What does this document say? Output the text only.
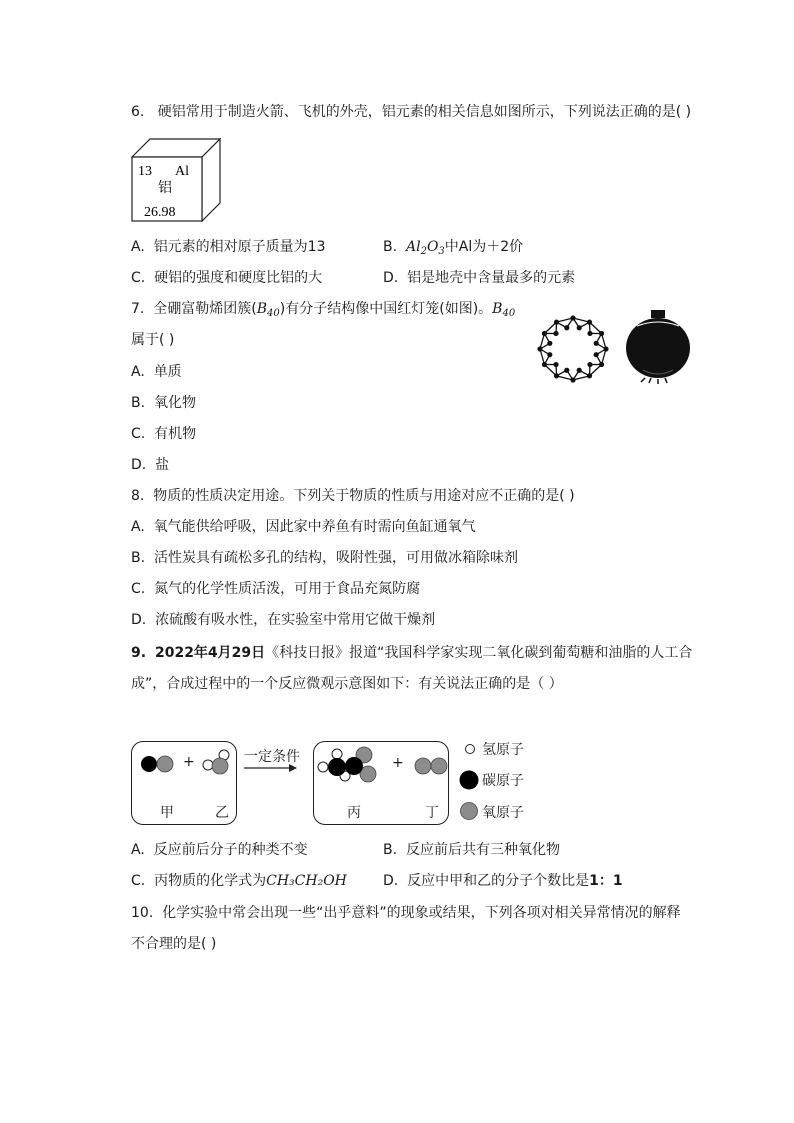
6. 硬铝常用于制造火箭、飞机的外壳，铝元素的相关信息如图所示，下列说法正确的是( )
13 Al
铝
26.98
A. 铝元素的相对原子质量为13	B. $Al_2O_3$中Al为＋2价
C. 硬铝的强度和硬度比铝的大	D. 铝是地壳中含量最多的元素
7. 全硼富勒烯团簇$(B_{40})$有分子结构像中国红灯笼(如图)。$B_{40}$
属于( )
A. 单质
B. 氧化物
C. 有机物
D. 盐
8. 物质的性质决定用途。下列关于物质的性质与用途对应不正确的是( )
A. 氧气能供给呼吸，因此家中养鱼有时需向鱼缸通氧气
B. 活性炭具有疏松多孔的结构，吸附性强，可用做冰箱除味剂
C. 氮气的化学性质活泼，可用于食品充氮防腐
D. 浓硫酸有吸水性，在实验室中常用它做干燥剂
9. 2022年4月29日《科技日报》报道“我国科学家实现二氧化碳到葡萄糖和油脂的人工合
成”，合成过程中的一个反应微观示意图如下：有关说法正确的是（ ）
+
甲	乙
一定条件	+
丙	丁
氢原子
碳原子
氧原子
A. 反应前后分子的种类不变	B. 反应前后共有三种氧化物
C. 丙物质的化学式为CH₃CH₂OH	D. 反应中甲和乙的分子个数比是1：1
10. 化学实验中常会出现一些“出乎意料”的现象或结果，下列各项对相关异常情况的解释
不合理的是( )
